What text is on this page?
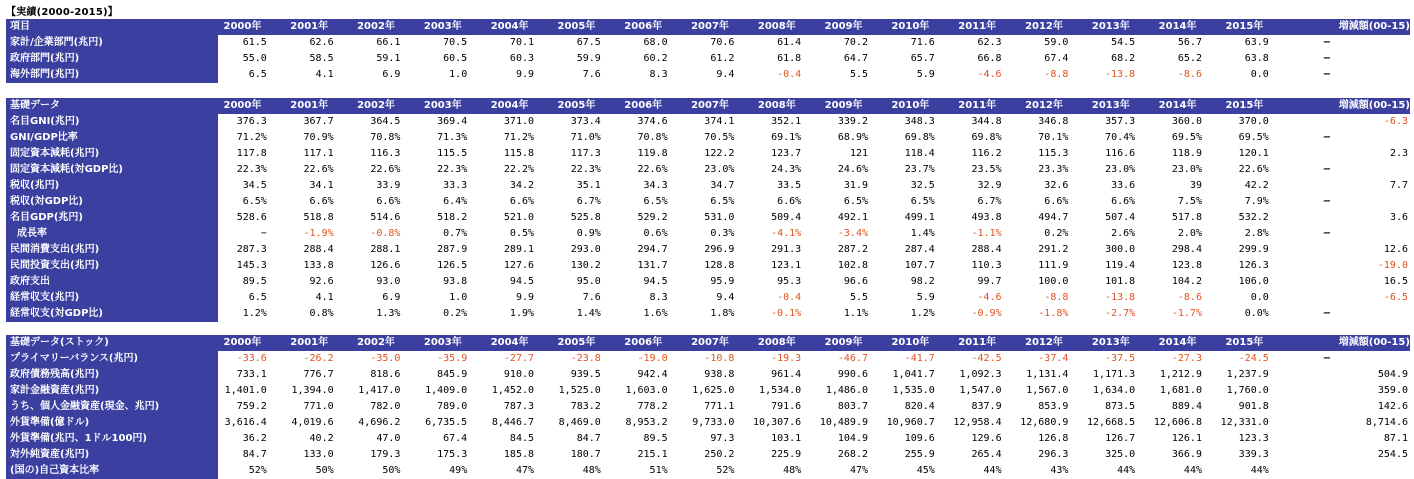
【実績(2000-2015)】
項目	2000年	2001年	2002年	2003年	2004年	2005年	2006年	2007年	2008年	2009年	2010年	2011年	2012年	2013年	2014年	2015年	増減額(00-15)
家計/企業部門(兆円)	61.5	62.6	66.1	70.5	70.1	67.5	68.0	70.6	61.4	70.2	71.6	62.3	59.0	54.5	56.7	63.9	−
政府部門(兆円)	55.0	58.5	59.1	60.5	60.3	59.9	60.2	61.2	61.8	64.7	65.7	66.8	67.4	68.2	65.2	63.8	−
海外部門(兆円)	6.5	4.1	6.9	1.0	9.9	7.6	8.3	9.4	-0.4	5.5	5.9	-4.6	-8.8	-13.8	-8.6	0.0	−
基礎データ	2000年	2001年	2002年	2003年	2004年	2005年	2006年	2007年	2008年	2009年	2010年	2011年	2012年	2013年	2014年	2015年	増減額(00-15)
名目GNI(兆円)	376.3	367.7	364.5	369.4	371.0	373.4	374.6	374.1	352.1	339.2	348.3	344.8	346.8	357.3	360.0	370.0	-6.3
GNI/GDP比率	71.2%	70.9%	70.8%	71.3%	71.2%	71.0%	70.8%	70.5%	69.1%	68.9%	69.8%	69.8%	70.1%	70.4%	69.5%	69.5%	−
固定資本減耗(兆円)	117.8	117.1	116.3	115.5	115.8	117.3	119.8	122.2	123.7	121	118.4	116.2	115.3	116.6	118.9	120.1	2.3
固定資本減耗(対GDP比)	22.3%	22.6%	22.6%	22.3%	22.2%	22.3%	22.6%	23.0%	24.3%	24.6%	23.7%	23.5%	23.3%	23.0%	23.0%	22.6%	−
税収(兆円)	34.5	34.1	33.9	33.3	34.2	35.1	34.3	34.7	33.5	31.9	32.5	32.9	32.6	33.6	39	42.2	7.7
税収(対GDP比)	6.5%	6.6%	6.6%	6.4%	6.6%	6.7%	6.5%	6.5%	6.6%	6.5%	6.5%	6.7%	6.6%	6.6%	7.5%	7.9%	−
名目GDP(兆円)	528.6	518.8	514.6	518.2	521.0	525.8	529.2	531.0	509.4	492.1	499.1	493.8	494.7	507.4	517.8	532.2	3.6
成長率	−	-1.9%	-0.8%	0.7%	0.5%	0.9%	0.6%	0.3%	-4.1%	-3.4%	1.4%	-1.1%	0.2%	2.6%	2.0%	2.8%	−
民間消費支出(兆円)	287.3	288.4	288.1	287.9	289.1	293.0	294.7	296.9	291.3	287.2	287.4	288.4	291.2	300.0	298.4	299.9	12.6
民間投資支出(兆円)	145.3	133.8	126.6	126.5	127.6	130.2	131.7	128.8	123.1	102.8	107.7	110.3	111.9	119.4	123.8	126.3	-19.0
政府支出	89.5	92.6	93.0	93.8	94.5	95.0	94.5	95.9	95.3	96.6	98.2	99.7	100.0	101.8	104.2	106.0	16.5
経常収支(兆円)	6.5	4.1	6.9	1.0	9.9	7.6	8.3	9.4	-0.4	5.5	5.9	-4.6	-8.8	-13.8	-8.6	0.0	-6.5
経常収支(対GDP比)	1.2%	0.8%	1.3%	0.2%	1.9%	1.4%	1.6%	1.8%	-0.1%	1.1%	1.2%	-0.9%	-1.8%	-2.7%	-1.7%	0.0%	−
基礎データ(ストック)	2000年	2001年	2002年	2003年	2004年	2005年	2006年	2007年	2008年	2009年	2010年	2011年	2012年	2013年	2014年	2015年	増減額(00-15)
プライマリーバランス(兆円)	-33.6	-26.2	-35.0	-35.9	-27.7	-23.8	-19.0	-10.8	-19.3	-46.7	-41.7	-42.5	-37.4	-37.5	-27.3	-24.5	−
政府債務残高(兆円)	733.1	776.7	818.6	845.9	910.0	939.5	942.4	938.8	961.4	990.6	1,041.7	1,092.3	1,131.4	1,171.3	1,212.9	1,237.9	504.9
家計金融資産(兆円)	1,401.0	1,394.0	1,417.0	1,409.0	1,452.0	1,525.0	1,603.0	1,625.0	1,534.0	1,486.0	1,535.0	1,547.0	1,567.0	1,634.0	1,681.0	1,760.0	359.0
うち、個人金融資産(現金、兆円)	759.2	771.0	782.0	789.0	787.3	783.2	778.2	771.1	791.6	803.7	820.4	837.9	853.9	873.5	889.4	901.8	142.6
外貨準備(億ドル)	3,616.4	4,019.6	4,696.2	6,735.5	8,446.7	8,469.0	8,953.2	9,733.0	10,307.6	10,489.9	10,960.7	12,958.4	12,680.9	12,668.5	12,606.8	12,331.0	8,714.6
外貨準備(兆円、1ドル100円)	36.2	40.2	47.0	67.4	84.5	84.7	89.5	97.3	103.1	104.9	109.6	129.6	126.8	126.7	126.1	123.3	87.1
対外純資産(兆円)	84.7	133.0	179.3	175.3	185.8	180.7	215.1	250.2	225.9	268.2	255.9	265.4	296.3	325.0	366.9	339.3	254.5
(国の)自己資本比率	52%	50%	50%	49%	47%	48%	51%	52%	48%	47%	45%	44%	43%	44%	44%	44%	
